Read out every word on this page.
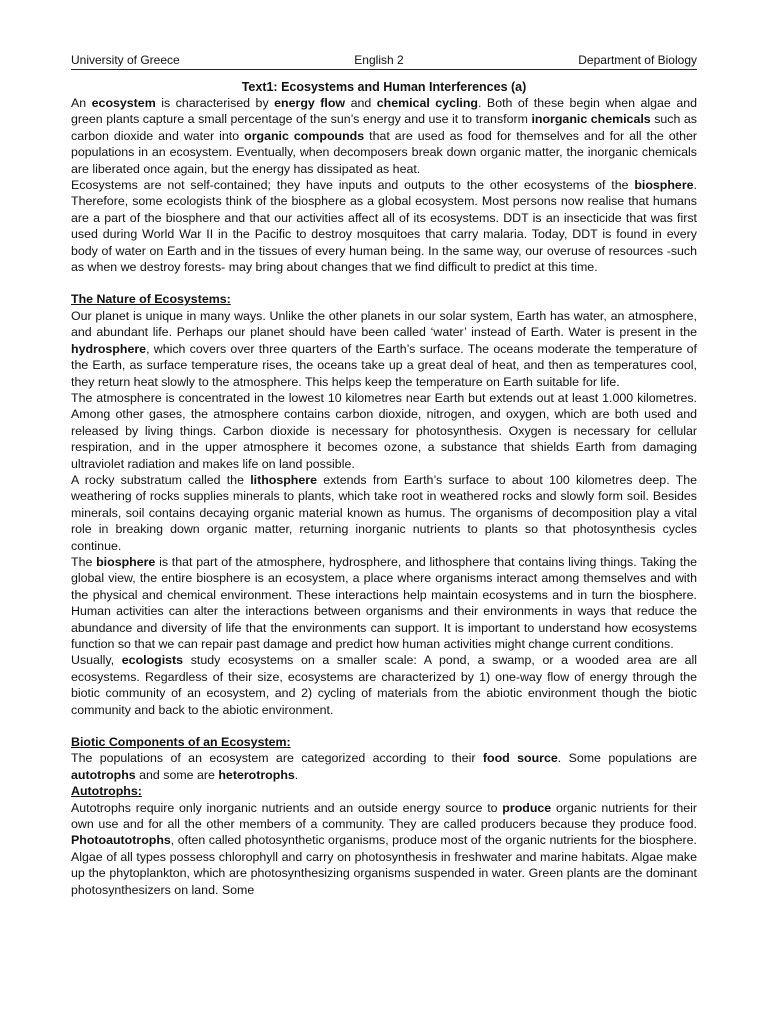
University of Greece	English 2	Department of Biology
Text1: Ecosystems and Human Interferences (a)

An ecosystem is characterised by energy flow and chemical cycling. Both of these begin when algae and green plants capture a small percentage of the sun’s energy and use it to transform inorganic chemicals such as carbon dioxide and water into organic compounds that are used as food for themselves and for all the other populations in an ecosystem. Eventually, when decomposers break down organic matter, the inorganic chemicals are liberated once again, but the energy has dissipated as heat.

Ecosystems are not self-contained; they have inputs and outputs to the other ecosystems of the biosphere. Therefore, some ecologists think of the biosphere as a global ecosystem. Most persons now realise that humans are a part of the biosphere and that our activities affect all of its ecosystems. DDT is an insecticide that was first used during World War II in the Pacific to destroy mosquitoes that carry malaria. Today, DDT is found in every body of water on Earth and in the tissues of every human being. In the same way, our overuse of resources -such as when we destroy forests- may bring about changes that we find difficult to predict at this time.

The Nature of Ecosystems:

Our planet is unique in many ways. Unlike the other planets in our solar system, Earth has water, an atmosphere, and abundant life. Perhaps our planet should have been called ‘water’ instead of Earth. Water is present in the hydrosphere, which covers over three quarters of the Earth’s surface. The oceans moderate the temperature of the Earth, as surface temperature rises, the oceans take up a great deal of heat, and then as temperatures cool, they return heat slowly to the atmosphere. This helps keep the temperature on Earth suitable for life.

The atmosphere is concentrated in the lowest 10 kilometres near Earth but extends out at least 1.000 kilometres. Among other gases, the atmosphere contains carbon dioxide, nitrogen, and oxygen, which are both used and released by living things. Carbon dioxide is necessary for photosynthesis. Oxygen is necessary for cellular respiration, and in the upper atmosphere it becomes ozone, a substance that shields Earth from damaging ultraviolet radiation and makes life on land possible.

A rocky substratum called the lithosphere extends from Earth’s surface to about 100 kilometres deep. The weathering of rocks supplies minerals to plants, which take root in weathered rocks and slowly form soil. Besides minerals, soil contains decaying organic material known as humus. The organisms of decomposition play a vital role in breaking down organic matter, returning inorganic nutrients to plants so that photosynthesis cycles continue.

The biosphere is that part of the atmosphere, hydrosphere, and lithosphere that contains living things. Taking the global view, the entire biosphere is an ecosystem, a place where organisms interact among themselves and with the physical and chemical environment. These interactions help maintain ecosystems and in turn the biosphere. Human activities can alter the interactions between organisms and their environments in ways that reduce the abundance and diversity of life that the environments can support. It is important to understand how ecosystems function so that we can repair past damage and predict how human activities might change current conditions.

Usually, ecologists study ecosystems on a smaller scale: A pond, a swamp, or a wooded area are all ecosystems. Regardless of their size, ecosystems are characterized by 1) one-way flow of energy through the biotic community of an ecosystem, and 2) cycling of materials from the abiotic environment though the biotic community and back to the abiotic environment.

Biotic Components of an Ecosystem:

The populations of an ecosystem are categorized according to their food source. Some populations are autotrophs and some are heterotrophs.

Autotrophs:

Autotrophs require only inorganic nutrients and an outside energy source to produce organic nutrients for their own use and for all the other members of a community. They are called producers because they produce food. Photoautotrophs, often called photosynthetic organisms, produce most of the organic nutrients for the biosphere. Algae of all types possess chlorophyll and carry on photosynthesis in freshwater and marine habitats. Algae make up the phytoplankton, which are photosynthesizing organisms suspended in water. Green plants are the dominant photosynthesizers on land. Some
